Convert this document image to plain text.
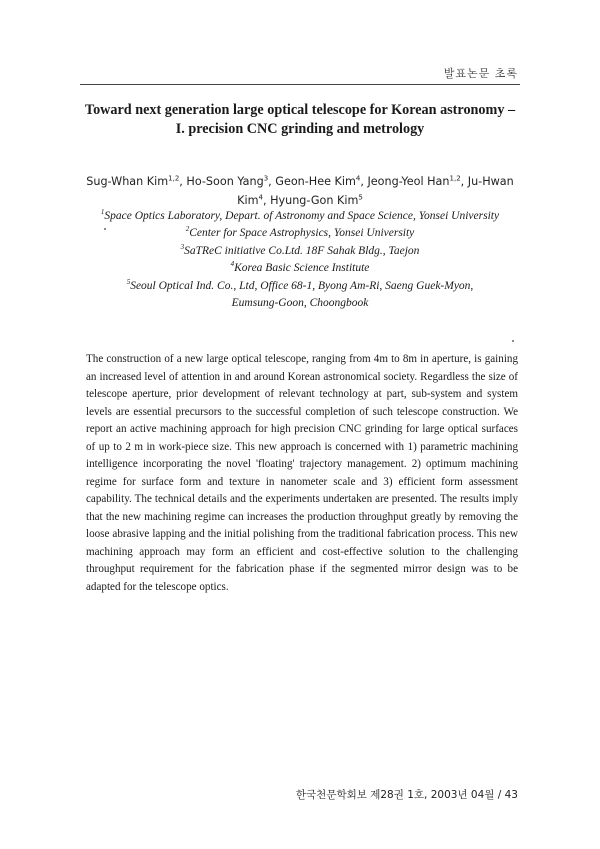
발표논문 초록
Toward next generation large optical telescope for Korean astronomy –
I. precision CNC grinding and metrology
Sug-Whan Kim$^{1,2}$, Ho-Soon Yang$^3$, Geon-Hee Kim$^4$, Jeong-Yeol Han$^{1,2}$, Ju-Hwan Kim$^4$, Hyung-Gon Kim$^5$
$^1$Space Optics Laboratory, Depart. of Astronomy and Space Science, Yonsei University
$^2$Center for Space Astrophysics, Yonsei University
$^3$SaTReC initiative Co.Ltd. 18F Sahak Bldg., Taejon
$^4$Korea Basic Science Institute
$^5$Seoul Optical Ind. Co., Ltd, Office 68-1, Byong Am-Ri, Saeng Guek-Myon,
Eumsung-Goon, Choongbook

The construction of a new large optical telescope, ranging from 4m to 8m in aperture, is gaining an increased level of attention in and around Korean astronomical society. Regardless the size of telescope aperture, prior development of relevant technology at part, sub-system and system levels are essential precursors to the successful completion of such telescope construction. We report an active machining approach for high precision CNC grinding for large optical surfaces of up to 2 m in work-piece size. This new approach is concerned with 1) parametric machining intelligence incorporating the novel 'floating' trajectory management. 2) optimum machining regime for surface form and texture in nanometer scale and 3) efficient form assessment capability. The technical details and the experiments undertaken are presented. The results imply that the new machining regime can increases the production throughput greatly by removing the loose abrasive lapping and the initial polishing from the traditional fabrication process. This new machining approach may form an efficient and cost-effective solution to the challenging throughput requirement for the fabrication phase if the segmented mirror design was to be adapted for the telescope optics.

한국천문학회보 제28권 1호, 2003년 04월 / 43
